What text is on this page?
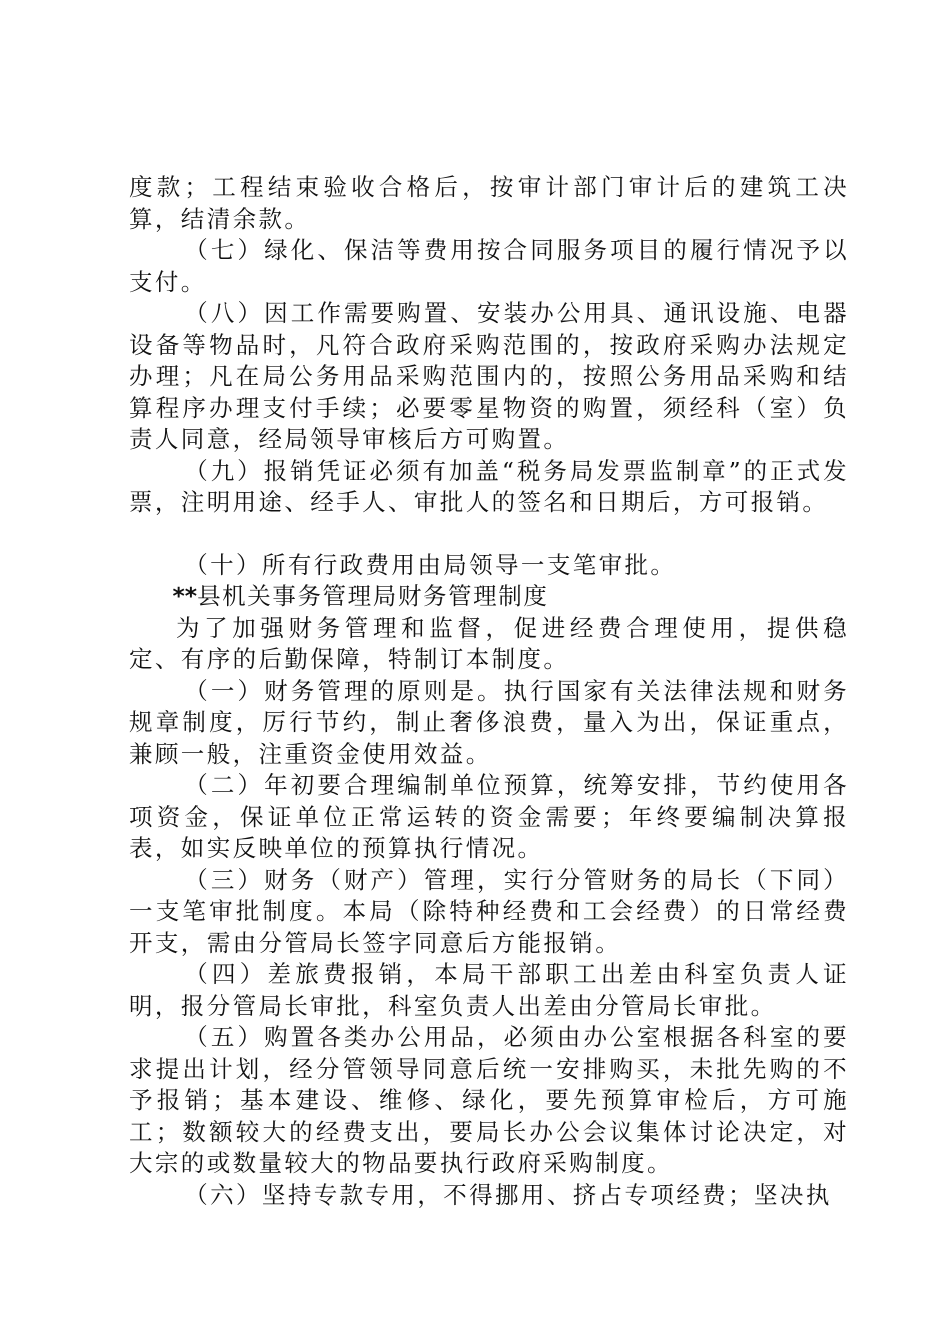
度款；工程结束验收合格后，按审计部门审计后的建筑工决算，结清余款。

（七）绿化、保洁等费用按合同服务项目的履行情况予以支付。

（八）因工作需要购置、安装办公用具、通讯设施、电器设备等物品时，凡符合政府采购范围的，按政府采购办法规定办理；凡在局公务用品采购范围内的，按照公务用品采购和结算程序办理支付手续；必要零星物资的购置，须经科（室）负责人同意，经局领导审核后方可购置。

（九）报销凭证必须有加盖“税务局发票监制章”的正式发票，注明用途、经手人、审批人的签名和日期后，方可报销。

（十）所有行政费用由局领导一支笔审批。

**县机关事务管理局财务管理制度

为了加强财务管理和监督，促进经费合理使用，提供稳定、有序的后勤保障，特制订本制度。

（一）财务管理的原则是。执行国家有关法律法规和财务规章制度，厉行节约，制止奢侈浪费，量入为出，保证重点，兼顾一般，注重资金使用效益。

（二）年初要合理编制单位预算，统筹安排，节约使用各项资金，保证单位正常运转的资金需要；年终要编制决算报表，如实反映单位的预算执行情况。

（三）财务（财产）管理，实行分管财务的局长（下同）一支笔审批制度。本局（除特种经费和工会经费）的日常经费开支，需由分管局长签字同意后方能报销。

（四）差旅费报销，本局干部职工出差由科室负责人证明，报分管局长审批，科室负责人出差由分管局长审批。

（五）购置各类办公用品，必须由办公室根据各科室的要求提出计划，经分管领导同意后统一安排购买，未批先购的不予报销；基本建设、维修、绿化，要先预算审检后，方可施工；数额较大的经费支出，要局长办公会议集体讨论决定，对大宗的或数量较大的物品要执行政府采购制度。

（六）坚持专款专用，不得挪用、挤占专项经费；坚决执
